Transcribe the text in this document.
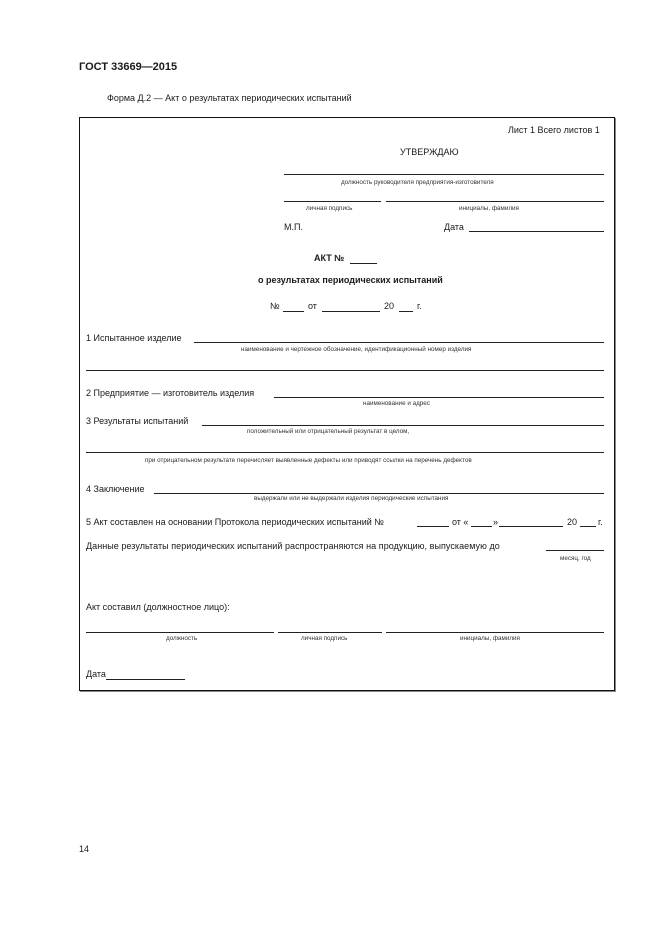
ГОСТ 33669—2015
Форма Д.2 — Акт о результатах периодических испытаний
Лист 1 Всего листов 1
УТВЕРЖДАЮ
должность руководителя предприятия-изготовителя
личная подпись	инициалы, фамилия
М.П.	Дата
АКТ №
о результатах периодических испытаний
№	от	20	г.
1 Испытанное изделие
наименование и чертежное обозначение, идентификационный номер изделия
2 Предприятие — изготовитель изделия
наименование и адрес
3 Результаты испытаний
положительный или отрицательный результат в целом,
при отрицательном результате перечисляет выявленные дефекты или приводят ссылки на перечень дефектов
4 Заключение
выдержали или не выдержали изделия периодические испытания
5 Акт составлен на основании Протокола периодических испытаний №	от «	»	20 г.
Данные результаты периодических испытаний распространяются на продукцию, выпускаемую до
месяц, год
Акт составил (должностное лицо):
должность	личная подпись	инициалы, фамилия
Дата
14
